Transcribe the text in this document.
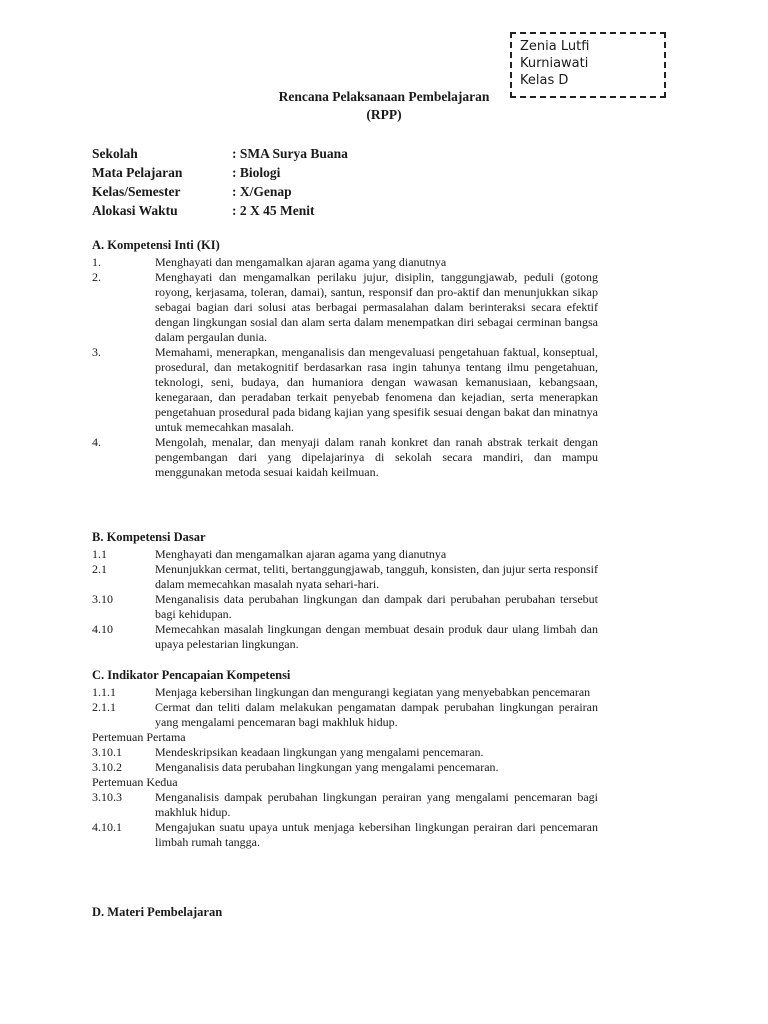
Zenia Lutfi
Kurniawati
Kelas D
Rencana Pelaksanaan Pembelajaran
(RPP)
Sekolah	: SMA Surya Buana
Mata Pelajaran	: Biologi
Kelas/Semester	: X/Genap
Alokasi Waktu	: 2 X 45 Menit
A. Kompetensi Inti (KI)
1.	Menghayati dan mengamalkan ajaran agama yang dianutnya
2.	Menghayati dan mengamalkan perilaku jujur, disiplin, tanggungjawab, peduli (gotong royong, kerjasama, toleran, damai), santun, responsif dan pro-aktif dan menunjukkan sikap sebagai bagian dari solusi atas berbagai permasalahan dalam berinteraksi secara efektif dengan lingkungan sosial dan alam serta dalam menempatkan diri sebagai cerminan bangsa dalam pergaulan dunia.
3.	Memahami, menerapkan, menganalisis dan mengevaluasi pengetahuan faktual, konseptual, prosedural, dan metakognitif berdasarkan rasa ingin tahunya tentang ilmu pengetahuan, teknologi, seni, budaya, dan humaniora dengan wawasan kemanusiaan, kebangsaan, kenegaraan, dan peradaban terkait penyebab fenomena dan kejadian, serta menerapkan pengetahuan prosedural pada bidang kajian yang spesifik sesuai dengan bakat dan minatnya untuk memecahkan masalah.
4.	Mengolah, menalar, dan menyaji dalam ranah konkret dan ranah abstrak terkait dengan pengembangan dari yang dipelajarinya di sekolah secara mandiri, dan mampu menggunakan metoda sesuai kaidah keilmuan.
B. Kompetensi Dasar
1.1	Menghayati dan mengamalkan ajaran agama yang dianutnya
2.1	Menunjukkan cermat, teliti, bertanggungjawab, tangguh, konsisten, dan jujur serta responsif dalam memecahkan masalah nyata sehari-hari.
3.10	Menganalisis data perubahan lingkungan dan dampak dari perubahan perubahan tersebut bagi kehidupan.
4.10	Memecahkan masalah lingkungan dengan membuat desain produk daur ulang limbah dan upaya pelestarian lingkungan.
C. Indikator Pencapaian Kompetensi
1.1.1	Menjaga kebersihan lingkungan dan mengurangi kegiatan yang menyebabkan pencemaran
2.1.1	Cermat dan teliti dalam melakukan pengamatan dampak perubahan lingkungan perairan yang mengalami pencemaran bagi makhluk hidup.
Pertemuan Pertama
3.10.1	Mendeskripsikan keadaan lingkungan yang mengalami pencemaran.
3.10.2	Menganalisis data perubahan lingkungan yang mengalami pencemaran.
Pertemuan Kedua
3.10.3	Menganalisis dampak perubahan lingkungan perairan yang mengalami pencemaran bagi makhluk hidup.
4.10.1	Mengajukan suatu upaya untuk menjaga kebersihan lingkungan perairan dari pencemaran limbah rumah tangga.
D. Materi Pembelajaran
